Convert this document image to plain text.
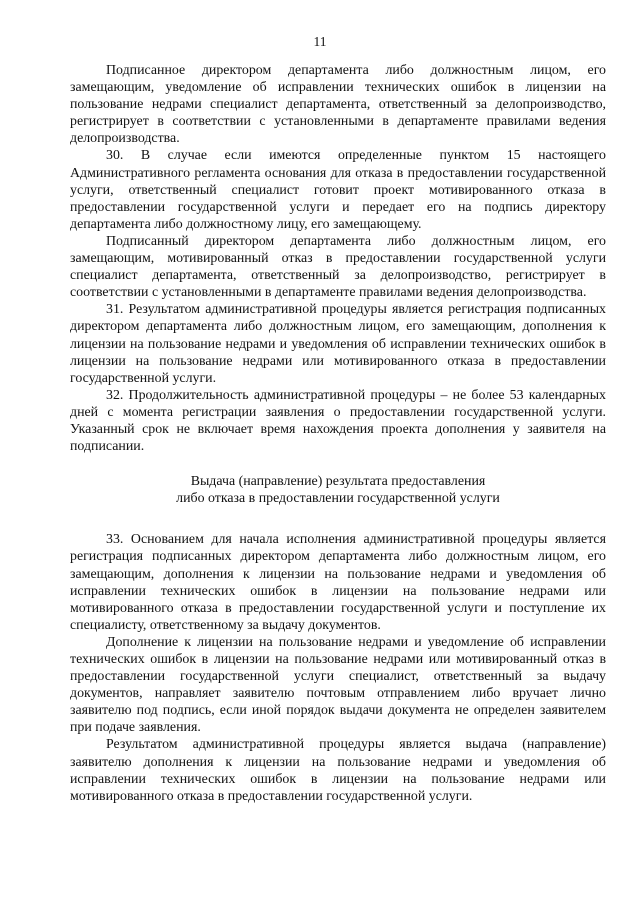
11

Подписанное директором департамента либо должностным лицом, его замещающим, уведомление об исправлении технических ошибок в лицензии на пользование недрами специалист департамента, ответственный за делопроизводство, регистрирует в соответствии с установленными в департаменте правилами ведения делопроизводства.

30. В случае если имеются определенные пунктом 15 настоящего Административного регламента основания для отказа в предоставлении государственной услуги, ответственный специалист готовит проект мотивированного отказа в предоставлении государственной услуги и передает его на подпись директору департамента либо должностному лицу, его замещающему.

Подписанный директором департамента либо должностным лицом, его замещающим, мотивированный отказ в предоставлении государственной услуги специалист департамента, ответственный за делопроизводство, регистрирует в соответствии с установленными в департаменте правилами ведения делопроизводства.

31. Результатом административной процедуры является регистрация подписанных директором департамента либо должностным лицом, его замещающим, дополнения к лицензии на пользование недрами и уведомления об исправлении технических ошибок в лицензии на пользование недрами или мотивированного отказа в предоставлении государственной услуги.

32. Продолжительность административной процедуры – не более 53 календарных дней с момента регистрации заявления о предоставлении государственной услуги. Указанный срок не включает время нахождения проекта дополнения у заявителя на подписании.

Выдача (направление) результата предоставления

либо отказа в предоставлении государственной услуги

33. Основанием для начала исполнения административной процедуры является регистрация подписанных директором департамента либо должностным лицом, его замещающим, дополнения к лицензии на пользование недрами и уведомления об исправлении технических ошибок в лицензии на пользование недрами или мотивированного отказа в предоставлении государственной услуги и поступление их специалисту, ответственному за выдачу документов.

Дополнение к лицензии на пользование недрами и уведомление об исправлении технических ошибок в лицензии на пользование недрами или мотивированный отказ в предоставлении государственной услуги специалист, ответственный за выдачу документов, направляет заявителю почтовым отправлением либо вручает лично заявителю под подпись, если иной порядок выдачи документа не определен заявителем при подаче заявления.

Результатом административной процедуры является выдача (направление) заявителю дополнения к лицензии на пользование недрами и уведомления об исправлении технических ошибок в лицензии на пользование недрами или мотивированного отказа в предоставлении государственной услуги.
